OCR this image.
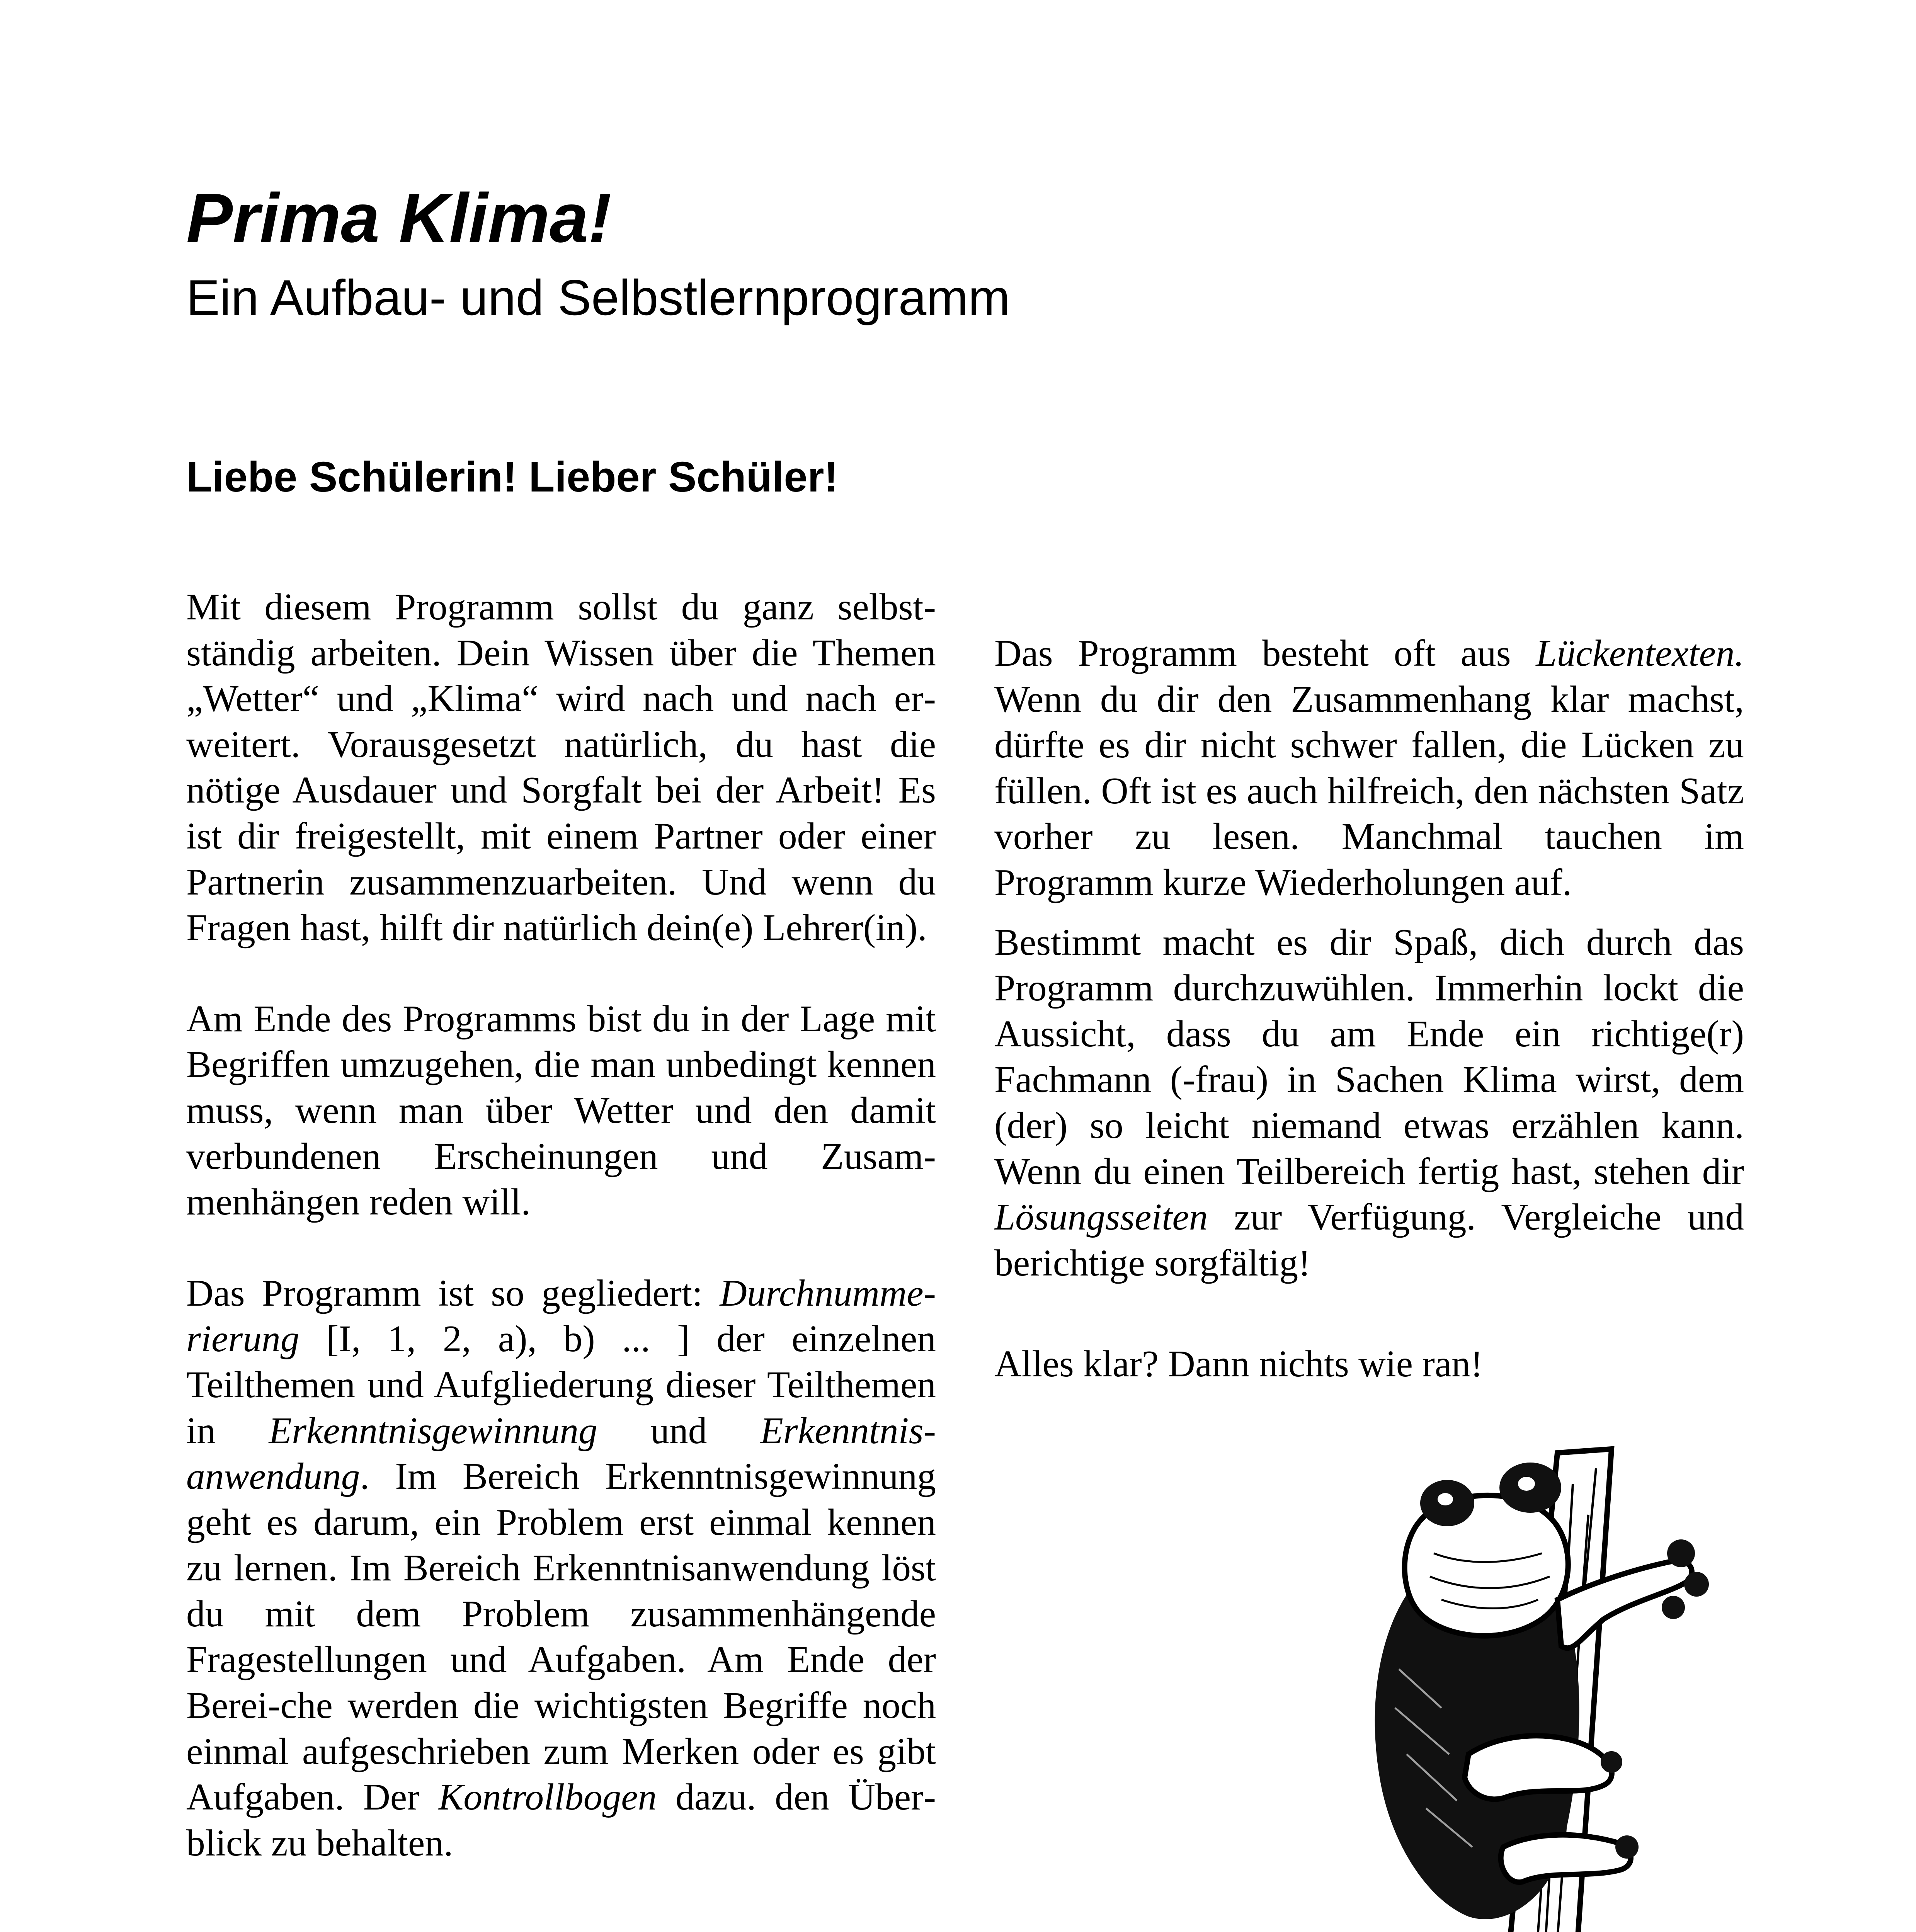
Prima Klima!
Ein Aufbau- und Selbstlernprogramm
Liebe Schülerin! Lieber Schüler!

Mit diesem Programm sollst du ganz selbstständig arbeiten. Dein Wissen über die Themen „Wetter“ und „Klima“ wird nach und nach erweitert. Vorausgesetzt natürlich, du hast die nötige Ausdauer und Sorgfalt bei der Arbeit! Es ist dir freigestellt, mit einem Partner oder einer Partnerin zusammenzuarbeiten. Und wenn du Fragen hast, hilft dir natürlich dein(e) Lehrer(in).

Am Ende des Programms bist du in der Lage mit Begriffen umzugehen, die man unbedingt kennen muss, wenn man über Wetter und den damit verbundenen Erscheinungen und Zusammenhängen reden will.

Das Programm ist so gegliedert: Durchnummerierung [I, 1, 2, a), b) ... ] der einzelnen Teilthemen und Aufgliederung dieser Teilthemen in Erkenntnisgewinnung und Erkenntnisanwendung. Im Bereich Erkenntnisgewinnung geht es darum, ein Problem erst einmal kennen zu lernen. Im Bereich Erkenntnisanwendung löst du mit dem Problem zusammenhängende Fragestellungen und Aufgaben. Am Ende der Berei-che werden die wichtigsten Begriffe noch einmal aufgeschrieben zum Merken oder es gibt Aufgaben. Der Kontrollbogen dazu. den Überblick zu behalten.

Das Programm besteht oft aus Lückentexten. Wenn du dir den Zusammenhang klar machst, dürfte es dir nicht schwer fallen, die Lücken zu füllen. Oft ist es auch hilfreich, den nächsten Satz vorher zu lesen. Manchmal tauchen im Programm kurze Wiederholungen auf.

Bestimmt macht es dir Spaß, dich durch das Programm durchzuwühlen. Immerhin lockt die Aussicht, dass du am Ende ein richtige(r) Fachmann (-frau) in Sachen Klima wirst, dem (der) so leicht niemand etwas erzählen kann. Wenn du einen Teilbereich fertig hast, stehen dir Lösungsseiten zur Verfügung. Vergleiche und berichtige sorgfältig!

Alles klar? Dann nichts wie ran!
